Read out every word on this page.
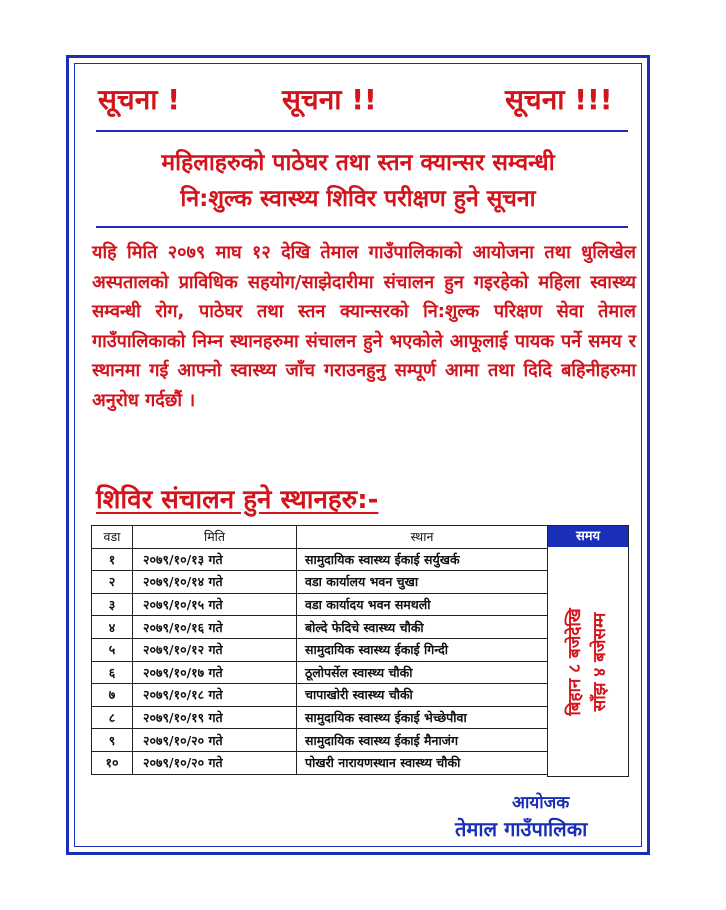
सूचना !	सूचना !!	सूचना !!!
महिलाहरुको पाठेघर तथा स्तन क्यान्सर सम्वन्धी
नि:शुल्क स्वास्थ्य शिविर परीक्षण हुने सूचना
यहि मिति २०७९ माघ १२ देखि तेमाल गाउँपालिकाको आयोजना तथा धुलिखेल अस्पतालको प्राविधिक सहयोग/साझेदारीमा संचालन हुन गइरहेको महिला स्वास्थ्य सम्वन्धी रोग, पाठेघर तथा स्तन क्यान्सरको नि:शुल्क परिक्षण सेवा तेमाल गाउँपालिकाको निम्न स्थानहरुमा संचालन हुने भएकोले आफूलाई पायक पर्ने समय र स्थानमा गई आफ्नो स्वास्थ्य जाँच गराउनहुनु सम्पूर्ण आमा तथा दिदि बहिनीहरुमा अनुरोध गर्दछौं ।
शिविर संचालन हुने स्थानहरु:-
वडा	मिति	स्थान
१	२०७९/१०/१३ गते	सामुदायिक स्वास्थ्य ईकाई सर्युखर्क
२	२०७९/१०/१४ गते	वडा कार्यालय भवन चुखा
३	२०७९/१०/१५ गते	वडा कार्यादय भवन समथली
४	२०७९/१०/१६ गते	बोल्दे फेदिचे स्वास्थ्य चौकी
५	२०७९/१०/१२ गते	सामुदायिक स्वास्थ्य ईकाई गिन्दी
६	२०७९/१०/१७ गते	ठूलोपर्सेल स्वास्थ्य चौकी
७	२०७९/१०/१८ गते	चापाखोरी स्वास्थ्य चौकी
८	२०७९/१०/१९ गते	सामुदायिक स्वास्थ्य ईकाई भेच्छेपौवा
९	२०७९/१०/२० गते	सामुदायिक स्वास्थ्य ईकाई मैनाजंग
१०	२०७९/१०/२० गते	पोखरी नारायणस्थान स्वास्थ्य चौकी
समय
बिहान ८ बजेदेखि साँझ ४ बजेसम्म
आयोजक
तेमाल गाउँपालिका
